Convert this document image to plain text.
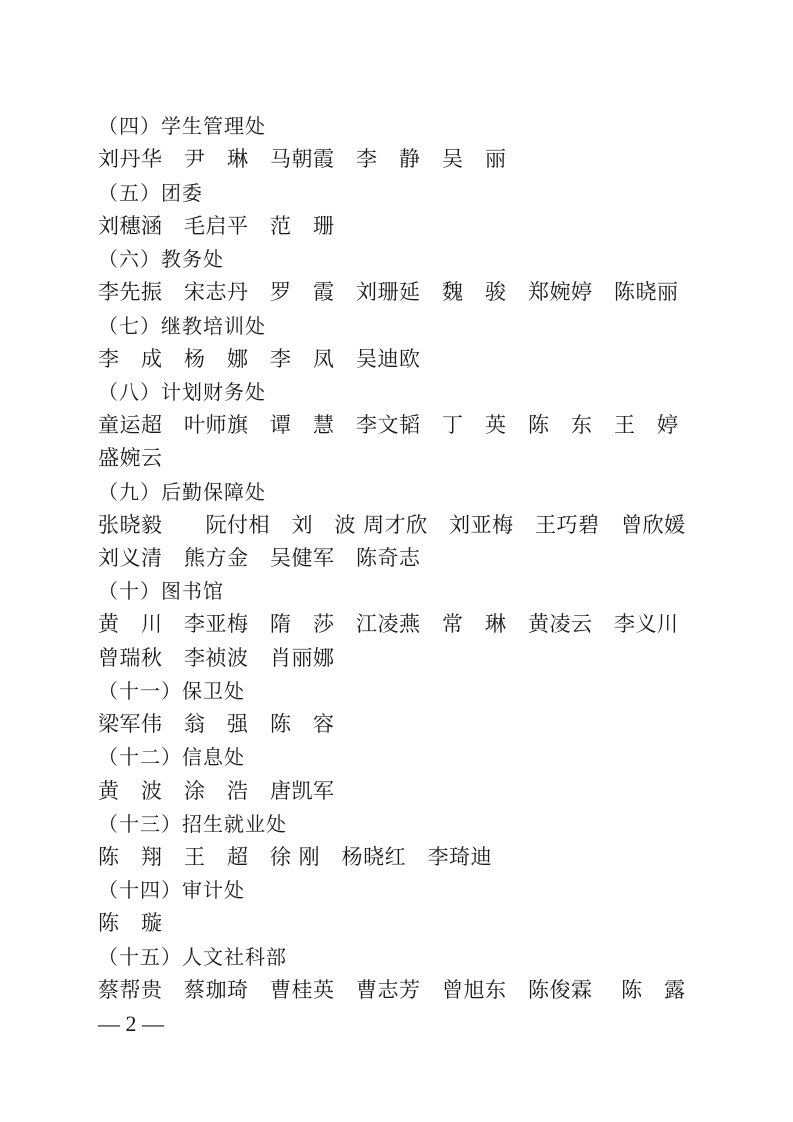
（四）学生管理处
刘丹华　尹　琳　马朝霞　李　静　吴　丽
（五）团委
刘穗涵　毛启平　范　珊
（六）教务处
李先振　宋志丹　罗　霞　刘珊延　魏　骏　郑婉婷　陈晓丽
（七）继教培训处
李　成　杨　娜　李　凤　吴迪欧
（八）计划财务处
童运超　叶师旗　谭　慧　李文韬　丁　英　陈　东　王　婷
盛婉云
（九）后勤保障处
张晓毅　　阮付相　刘　波 周才欣　刘亚梅　王巧碧　曾欣媛
刘义清　熊方金　吴健军　陈奇志
（十）图书馆
黄　川　李亚梅　隋　莎　江凌燕　常　琳　黄凌云　李义川
曾瑞秋　李祯波　肖丽娜
（十一）保卫处
梁军伟　翁　强　陈　容
（十二）信息处
黄　波　涂　浩　唐凯军
（十三）招生就业处
陈　翔　王　超　徐 刚　杨晓红　李琦迪
（十四）审计处
陈　璇
（十五）人文社科部
蔡帮贵　蔡珈琦　曹桂英　曹志芳　曾旭东　陈俊霖　 陈　露
— 2 —
